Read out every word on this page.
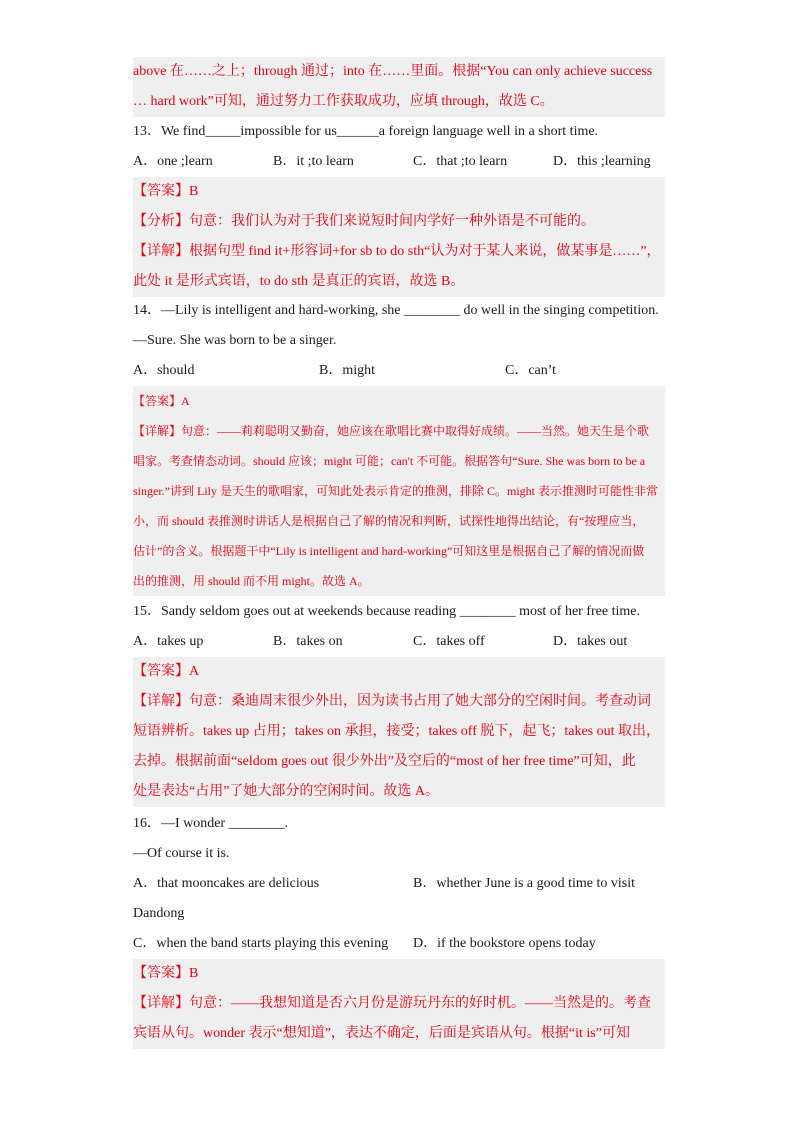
above 在……之上；through 通过；into 在……里面。根据“You can only achieve success
… hard work”可知，通过努力工作获取成功，应填 through，故选 C。
13．We find_____impossible for us______a foreign language well in a short time.
A．one ;learn	B．it ;to learn	C．that ;to learn	D．this ;learning
【答案】B
【分析】句意：我们认为对于我们来说短时间内学好一种外语是不可能的。
【详解】根据句型 find it+形容词+for sb to do sth“认为对于某人来说，做某事是……”，
此处 it 是形式宾语，to do sth 是真正的宾语，故选 B。
14．—Lily is intelligent and hard-working, she ________ do well in the singing competition.
—Sure. She was born to be a singer.
A．should	B．might	C．can’t
【答案】A
【详解】句意：——莉莉聪明又勤奋，她应该在歌唱比赛中取得好成绩。——当然。她天生是个歌
唱家。考查情态动词。should 应该；might 可能；can't 不可能。根据答句“Sure. She was born to be a
singer.”讲到 Lily 是天生的歌唱家，可知此处表示肯定的推测，排除 C。might 表示推测时可能性非常
小，而 should 表推测时讲话人是根据自己了解的情况和判断，试探性地得出结论，有“按理应当，
估计”的含义。根据题干中“Lily is intelligent and hard-working”可知这里是根据自己了解的情况而做
出的推测，用 should 而不用 might。故选 A。
15．Sandy seldom goes out at weekends because reading ________ most of her free time.
A．takes up	B．takes on	C．takes off	D．takes out
【答案】A
【详解】句意：桑迪周末很少外出，因为读书占用了她大部分的空闲时间。考查动词
短语辨析。takes up 占用；takes on 承担，接受；takes off 脱下，起飞；takes out 取出，
去掉。根据前面“seldom goes out 很少外出”及空后的“most of her free time”可知，此
处是表达“占用”了她大部分的空闲时间。故选 A。
16．—I wonder ________.
—Of course it is.
A．that mooncakes are delicious	B．whether June is a good time to visit
Dandong
C．when the band starts playing this evening	D．if the bookstore opens today
【答案】B
【详解】句意：——我想知道是否六月份是游玩丹东的好时机。——当然是的。考查
宾语从句。wonder 表示“想知道”，表达不确定，后面是宾语从句。根据“it is”可知
